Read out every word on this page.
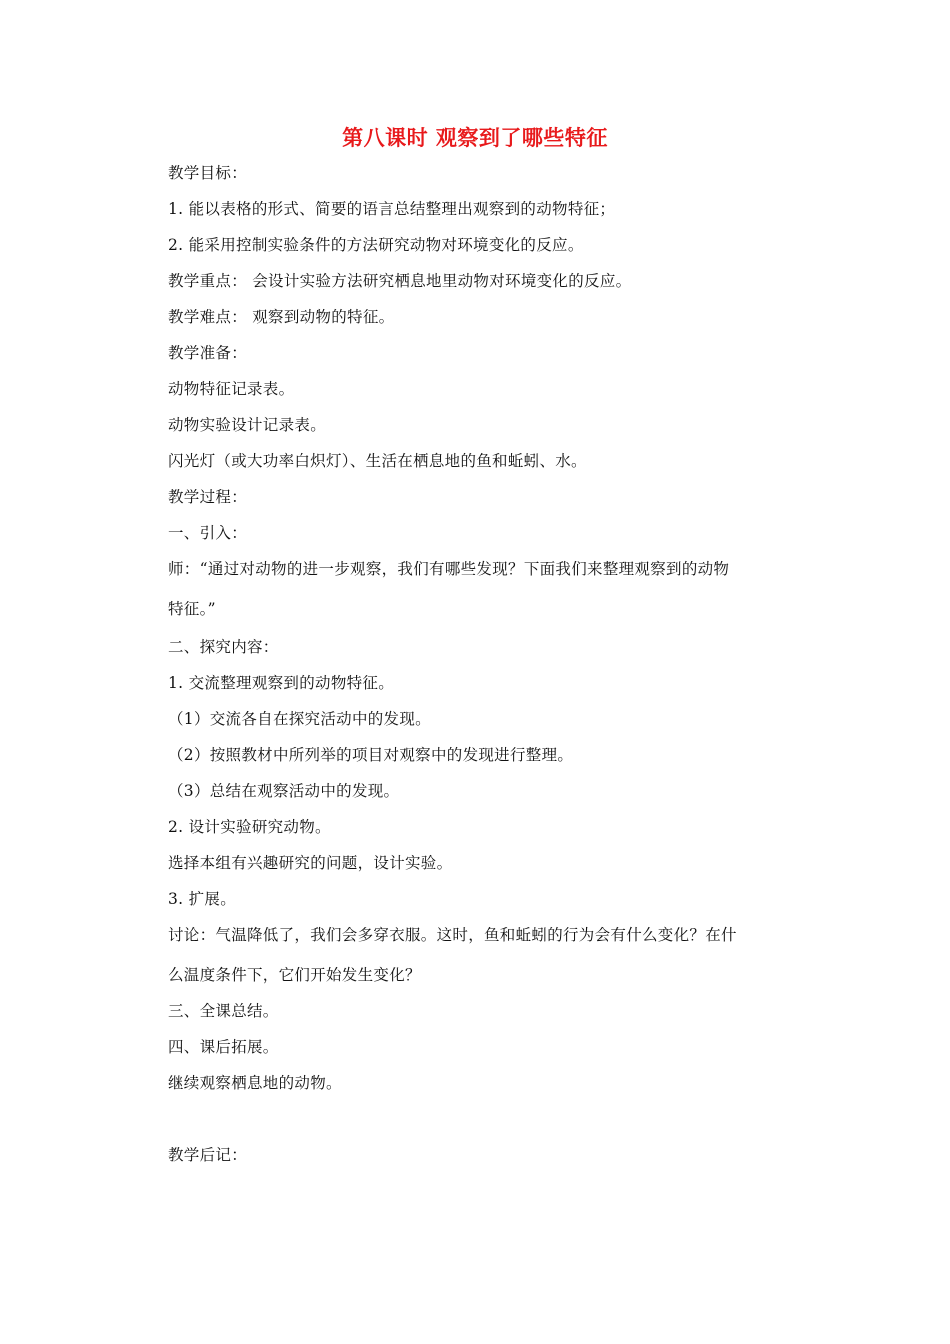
第八课时 观察到了哪些特征
教学目标：
1. 能以表格的形式、简要的语言总结整理出观察到的动物特征；
2. 能采用控制实验条件的方法研究动物对环境变化的反应。
教学重点： 会设计实验方法研究栖息地里动物对环境变化的反应。
教学难点： 观察到动物的特征。
教学准备：
动物特征记录表。
动物实验设计记录表。
闪光灯（或大功率白炽灯）、生活在栖息地的鱼和蚯蚓、水。
教学过程：
一、引入：
师：“通过对动物的进一步观察，我们有哪些发现？下面我们来整理观察到的动物
特征。”
二、探究内容：
1. 交流整理观察到的动物特征。
（1）交流各自在探究活动中的发现。
（2）按照教材中所列举的项目对观察中的发现进行整理。
（3）总结在观察活动中的发现。
2. 设计实验研究动物。
选择本组有兴趣研究的问题，设计实验。
3. 扩展。
讨论：气温降低了，我们会多穿衣服。这时，鱼和蚯蚓的行为会有什么变化？在什
么温度条件下，它们开始发生变化？
三、全课总结。
四、课后拓展。
继续观察栖息地的动物。
教学后记：
